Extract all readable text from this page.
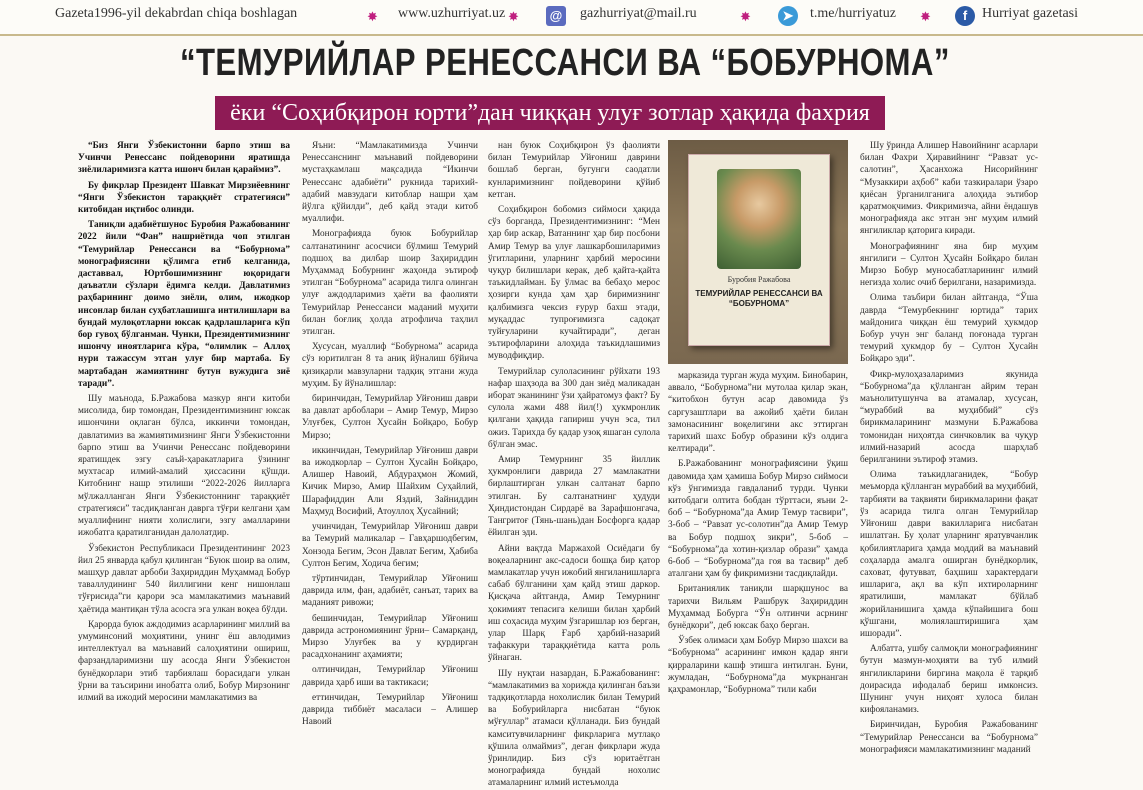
Gazeta1996-yil dekabrdan chiqa boshlagan	✸ www.uzhurriyat.uz ✸ @ gazhurriyat@mail.ru	✸	➤	t.me/hurriyatuz ✸	f	Hurriyat gazetasi
“ТЕМУРИЙЛАР РЕНЕССАНСИ ВА “БОБУРНОМА”
ёки “Соҳибқирон юрти”дан чиққан улуғ зотлар ҳақида фахрия

“Биз Янги Ўзбекистонни барпо этиш ва Учинчи Ренессанс пойдеворини яратишда зиёлиларимизга катта ишонч билан қараймиз”.

Бу фикрлар Президент Шавкат Мирзиёевнинг “Янги Ўзбекистон тараққиёт стратегияси” китобидан иқтибос олинди.

Таниқли адабиётшунос Буробия Ражабованинг 2022 йили “Фан” нашриётида чоп этилган “Темурийлар Ренессанси ва “Бобурнома” монографиясини қўлимга етиб келганида, даставвал, Юртбошимизнинг юқоридаги даъватли сўзлари ёдимга келди. Давлатимиз раҳбарининг доимо зиёли, олим, ижодкор инсонлар билан суҳбатлашишга интилишлари ва бундай мулоқотларни юксак қадрлашларига кўп бор гувоҳ бўлганман. Чунки, Президентимизнинг ишончу иноятларига кўра, “олимлик – Аллоҳ нури тажассум этган улуғ бир мартаба. Бу мартабадан жамиятнинг бутун вужудига зиё таради”.

Шу маънода, Б.Ражабова мазкур янги китоби мисолида, бир томондан, Президентимизнинг юксак ишончини оқлаган бўлса, иккинчи томондан, давлатимиз ва жамиятимизнинг Янги Ўзбекистонни барпо этиш ва Учинчи Ренессанс пойдеворини яратишдек эзгу саъй-ҳаракатларига ўзининг мухтасар илмий-амалий ҳиссасини қўшди. Китобнинг нашр этилиши “2022-2026 йилларга мўлжалланган Янги Ўзбекистоннинг тараққиёт стратегияси” тасдиқланган даврга тўғри келгани ҳам муаллифнинг нияти холислиги, эзгу амалларини ижобатга қаратилганидан далолатдир.

Ўзбекистон Республикаси Президентининг 2023 йил 25 январда қабул қилинган “Буюк шоир ва олим, машҳур давлат арбоби Заҳириддин Муҳаммад Бобур таваллудининг 540 йиллигини кенг нишонлаш тўғрисида”ги қарори эса мамлакатимиз маънавий ҳаётида мантиқан тўла асосга эга улкан воқеа бўлди.

Қарорда буюк аждодимиз асарларининг миллий ва умуминсоний моҳиятини, унинг ёш авлодимиз интеллектуал ва маънавий салоҳиятини ошириш, фарзандларимизни шу асосда Янги Ўзбекистон бунёдкорлари этиб тарбиялаш борасидаги улкан ўрни ва таъсирини инобатга олиб, Бобур Мирзонинг илмий ва ижодий меросини мамлакатимиз ва

Яъни: “Мамлакатимизда Учинчи Ренессанснинг маънавий пойдеворини мустаҳкамлаш мақсадида “Икинчи Ренессанс адабиёти” рукнида тарихий-адабий мавзудаги китоблар нашри ҳам йўлга қўйилди”, деб қайд этади китоб муаллифи.

Монографияда буюк Бобурийлар салтанатининг асосчиси бўлмиш Темурий подшоҳ ва дилбар шоир Заҳириддин Муҳаммад Бобурнинг жаҳонда эътироф этилган “Бобурнома” асарида тилга олинган улуғ аждодларимиз ҳаёти ва фаолияти Темурийлар Ренессанси маданий муҳити билан боғлиқ ҳолда атрофлича таҳлил этилган.

Хусусан, муаллиф “Бобурнома” асарида сўз юритилган 8 та аниқ йўналиш бўйича қизиқарли мавзуларни тадқиқ этгани жуда муҳим. Бу йўналишлар:

биринчидан, Темурийлар Уйғониш даври ва давлат арбоблари – Амир Темур, Мирзо Улуғбек, Султон Ҳусайн Бойқаро, Бобур Мирзо;

иккинчидан, Темурийлар Уйғониш даври ва ижодкорлар – Султон Ҳусайн Бойқаро, Алишер Навоий, Абдураҳмон Жомий, Кичик Мирзо, Амир Шайхим Суҳайлий, Шарафиддин Али Яздий, Зайниддин Маҳмуд Восифий, Атоуллоҳ Ҳусайний;

учинчидан, Темурийлар Уйғониш даври ва Темурий маликалар – Гавҳаршодбегим, Хонзода Бегим, Эсон Давлат Бегим, Ҳабиба Султон Бегим, Ходича бегим;

тўртинчидан, Темурийлар Уйғониш даврида илм, фан, адабиёт, санъат, тарих ва маданият ривожи;

бешинчидан, Темурийлар Уйғониш даврида астрономиянинг ўрни– Самарқанд, Мирзо Улуғбек ва у қурдирган расадхонанинг аҳамияти;

олтинчидан, Темурийлар Уйғониш даврида ҳарб иши ва тактикаси;

еттинчидан, Темурийлар Уйғониш даврида тиббиёт масаласи – Алишер Навоий

нан буюк Соҳибқирон ўз фаолияти билан Темурийлар Уйғониш даврини бошлаб берган, бугунги саодатли кунларимизнинг пойдеворини қўйиб кетган.

Соҳибқирон бобомиз сиймоси ҳақида сўз борганда, Президентимизнинг: “Мен ҳар бир аскар, Ватаннинг ҳар бир посбони Амир Темур ва улуғ лашкарбошиларимиз ўгитларини, уларнинг ҳарбий меросини чуқур билишлари керак, деб қайта-қайта таъкидлайман. Бу ўлмас ва бебаҳо мерос ҳозирги кунда ҳам ҳар биримизнинг қалбимизга чексиз ғурур бахш этади, муқаддас тупроғимизга садоқат туйғуларини кучайтиради”, деган эътирофларини алоҳида таъкидлашимиз муводфиқдир.

Темурийлар сулоласининг рўйхати 193 нафар шаҳзода ва 300 дан зиёд маликадан иборат эканининг ўзи ҳайратомуз факт? Бу сулола жами 488 йил(!) ҳукмронлик қилгани ҳақида гапириш учун эса, тил ожиз. Тарихда бу қадар узоқ яшаган сулола бўлган эмас.

Амир Темурнинг 35 йиллик ҳукмронлиги даврида 27 мамлакатни бирлаштирган улкан салтанат барпо этилган. Бу салтанатнинг ҳудуди Ҳиндистондан Сирдарё ва Зарафшонгача, Тангритоғ (Тянь-шань)дан Босфорга қадар ёйилган эди.

Айни вақтда Маржахой Осиёдаги бу воқеаларнинг акс-садоси бошқа бир қатор мамлакатлар учун ижобий янгиланишларга сабаб бўлганини ҳам қайд этиш даркор. Қисқача айтганда, Амир Темурнинг ҳокимият тепасига келиши билан ҳарбий иш соҳасида муҳим ўзгаришлар юз берган, улар Шарқ Ғарб ҳарбий-назарий тафаккури тараққиётида катта роль ўйнаган.

Шу нуқтаи назардан, Б.Ражабованинг: “мамлакатимиз ва хорижда қилинган баъзи тадқиқотларда нохолислик билан Темурий ва Бобурийларга нисбатан “буюк мўғуллар” атамаси қўлланади. Биз бундай камситувчиларнинг фикрларига мутлақо қўшила олмаймиз”, деган фикрлари жуда ўринлидир. Биз сўз юритаётган монографияда бундай нохолис атамаларнинг илмий истеъмолда

Буробия Ражабова
ТЕМУРИЙЛАР РЕНЕССАНСИ ВА “БОБУРНОМА”

марказида турган жуда муҳим. Бинобарин, аввало, “Бобурнома”ни мутолаа қилар экан, “китобхон бутун асар давомида ўз саргузаштлари ва ажойиб ҳаёти билан замонасининг воқелигини акс эттирган тарихий шахс Бобур образини кўз олдига келтиради”.

Б.Ражабованинг монографиясини ўқиш давомида ҳам ҳамиша Бобур Мирзо сиймоси кўз ўнгимизда гавдаланиб турди. Чунки китобдаги олтита бобдан тўрттаси, яъни 2-боб – “Бобурнома”да Амир Темур тасвири”, 3-боб – “Равзат ус-солотин”да Амир Темур ва Бобур подшоҳ зикри”, 5-боб – “Бобурнома”да хотин-қизлар образи” ҳамда 6-боб – “Бобурнома”да гоя ва тасвир” деб аталгани ҳам бу фикримизни тасдиқлайди.

Британиялик таниқли шарқшунос ва тарихчи Вильям Рашбрук Заҳириддин Муҳаммад Бобурга “Ўн олтинчи асрнинг бунёдкори”, деб юксак баҳо берган.

Ўзбек олимаси ҳам Бобур Мирзо шахси ва “Бобурнома” асарининг имкон қадар янги қирраларини кашф этишга интилган. Буни, жумладан, “Бобурнома”да мукрнанган қаҳрамонлар, “Бобурнома” тили каби

Шу ўринда Алишер Навоийнинг асарлари билан Фахри Ҳиравийнинг “Равзат ус-салотин”, Ҳасанхожа Нисорийнинг “Музаккири аҳбоб” каби тазкиралари ўзаро қиёсан ўрганилганига алоҳида эътибор қаратмоқчимиз. Фикримизча, айни ёндашув монографияда акс этган энг муҳим илмий янгиликлар қаторига киради.

Монографиянинг яна бир муҳим янгилиги – Султон Ҳусайн Бойқаро билан Мирзо Бобур муносабатларининг илмий негизда холис очиб берилгани, назаримизда.

Олима таъбири билан айтганда, “Ўша даврда “Темурбекнинг юртида” тарих майдонига чиққан ёш темурий ҳукмдор Бобур учун энг баланд поғонада турган темурий ҳукмдор бу – Султон Ҳусайн Бойқаро эди”.

Фикр-мулоҳазаларимиз якунида “Бобурнома”да қўлланган айрим теран маънолитушунча ва атамалар, хусусан, “мураббий ва муҳиббий” сўз бирикмаларининг мазмуни Б.Ражабова томонидан ниҳоятда синчковлик ва чуқур илмий-назарий асосда шарҳлаб берилганини эътироф этамиз.

Олима таъкидлаганидек, “Бобур меъморда қўлланган мураббий ва муҳиббий, тарбияти ва тақвияти бирикмаларини фақат ўз асарида тилга олган Темурийлар Уйғониш даври вакилларига нисбатан ишлатган. Бу ҳолат уларнинг яратувчанлик қобилиятларига ҳамда моддий ва маънавий соҳаларда амалга оширган бунёдкорлик, саховат, футувват, баҳшиш характердаги ишларига, ақл ва кўп ихтироларнинг яратилиши, мамлакат бўйлаб жорийланишига ҳамда кўпайишига бош қўшгани, молиялаштиришига ҳам ишоради”.

Албатта, ушбу салмоқли монографиянинг бутун мазмун-моҳияти ва туб илмий янгиликларини биргина мақола ё тарқиб доирасида ифодалаб бериш имконсиз. Шунинг учун ниҳоят хулоса билан кифояланамиз.

Биринчидан, Буробия Ражабованинг “Темурийлар Ренессанси ва “Бобурнома” монографияси мамлакатимизнинг маданий
